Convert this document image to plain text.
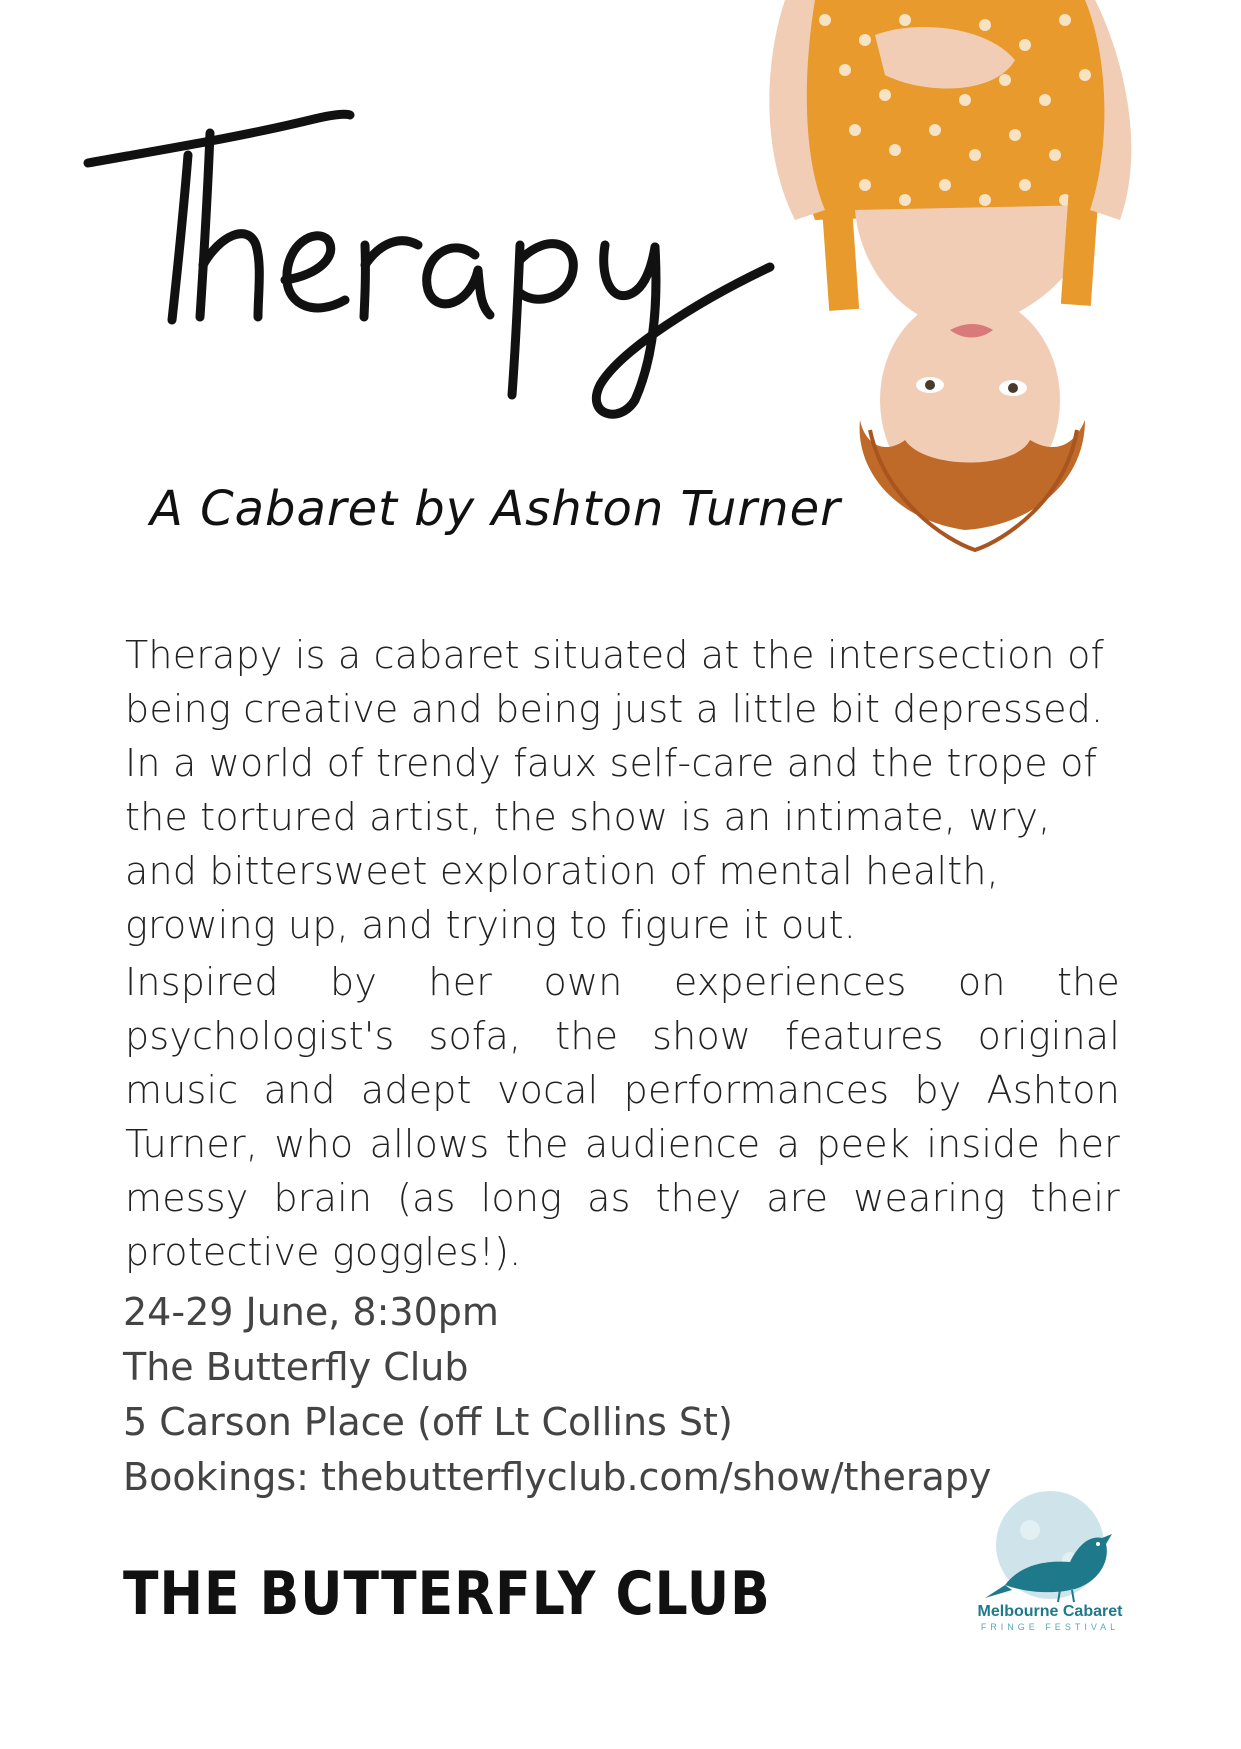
A Cabaret by Ashton Turner
Therapy is a cabaret situated at the intersection of being creative and being just a little bit depressed. In a world of trendy faux self-care and the trope of the tortured artist, the show is an intimate, wry, and bittersweet exploration of mental health, growing up, and trying to figure it out.
Inspired by her own experiences on the psychologist's sofa, the show features original music and adept vocal performances by Ashton Turner, who allows the audience a peek inside her messy brain (as long as they are wearing their protective goggles!).
24-29 June, 8:30pm
The Butterfly Club
5 Carson Place (off Lt Collins St)
Bookings: thebutterflyclub.com/show/therapy
THE BUTTERFLY CLUB	Melbourne Cabaret
FRINGE FESTIVAL
